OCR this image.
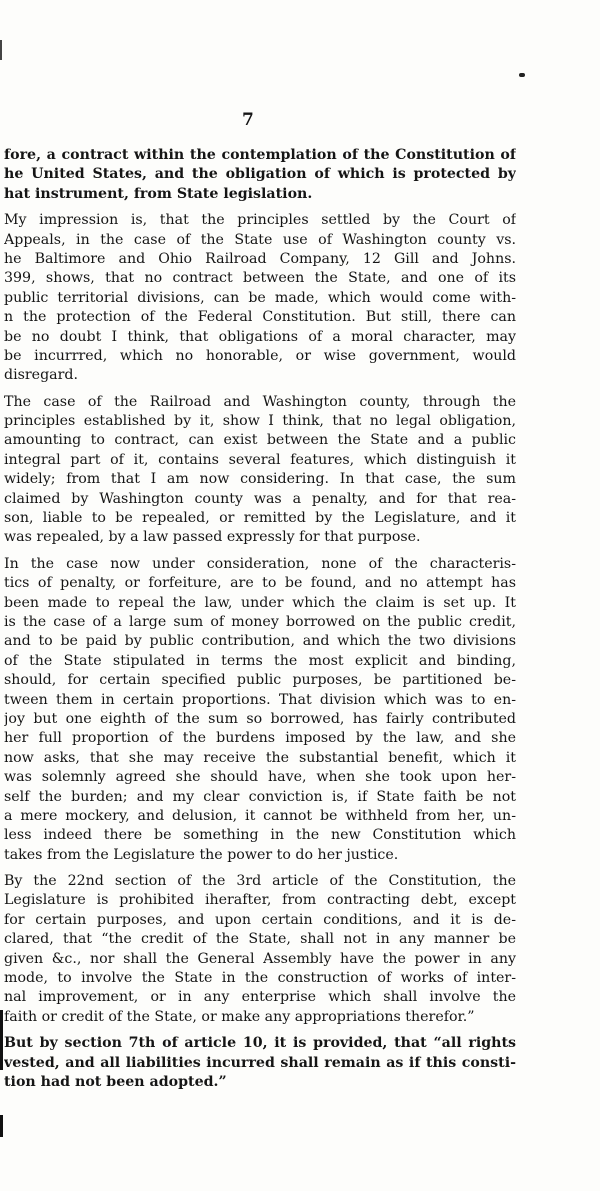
7
fore, a contract within the contemplation of the Constitution of
he United States, and the obligation of which is protected by
hat instrument, from State legislation.
My impression is, that the principles settled by the Court of
Appeals, in the case of the State use of Washington county vs.
he Baltimore and Ohio Railroad Company, 12 Gill and Johns.
399, shows, that no contract between the State, and one of its
public territorial divisions, can be made, which would come with-
n the protection of the Federal Constitution. But still, there can
be no doubt I think, that obligations of a moral character, may
be incurrred, which no honorable, or wise government, would
disregard.
The case of the Railroad and Washington county, through the
principles established by it, show I think, that no legal obligation,
amounting to contract, can exist between the State and a public
integral part of it, contains several features, which distinguish it
widely; from that I am now considering. In that case, the sum
claimed by Washington county was a penalty, and for that rea-
son, liable to be repealed, or remitted by the Legislature, and it
was repealed, by a law passed expressly for that purpose.
In the case now under consideration, none of the characteris-
tics of penalty, or forfeiture, are to be found, and no attempt has
been made to repeal the law, under which the claim is set up. It
is the case of a large sum of money borrowed on the public credit,
and to be paid by public contribution, and which the two divisions
of the State stipulated in terms the most explicit and binding,
should, for certain specified public purposes, be partitioned be-
tween them in certain proportions. That division which was to en-
joy but one eighth of the sum so borrowed, has fairly contributed
her full proportion of the burdens imposed by the law, and she
now asks, that she may receive the substantial benefit, which it
was solemnly agreed she should have, when she took upon her-
self the burden; and my clear conviction is, if State faith be not
a mere mockery, and delusion, it cannot be withheld from her, un-
less indeed there be something in the new Constitution which
takes from the Legislature the power to do her justice.
By the 22nd section of the 3rd article of the Constitution, the
Legislature is prohibited iherafter, from contracting debt, except
for certain purposes, and upon certain conditions, and it is de-
clared, that “the credit of the State, shall not in any manner be
given &c., nor shall the General Assembly have the power in any
mode, to involve the State in the construction of works of inter-
nal improvement, or in any enterprise which shall involve the
faith or credit of the State, or make any appropriations therefor.”
But by section 7th of article 10, it is provided, that “all rights
vested, and all liabilities incurred shall remain as if this consti-
tion had not been adopted.”
